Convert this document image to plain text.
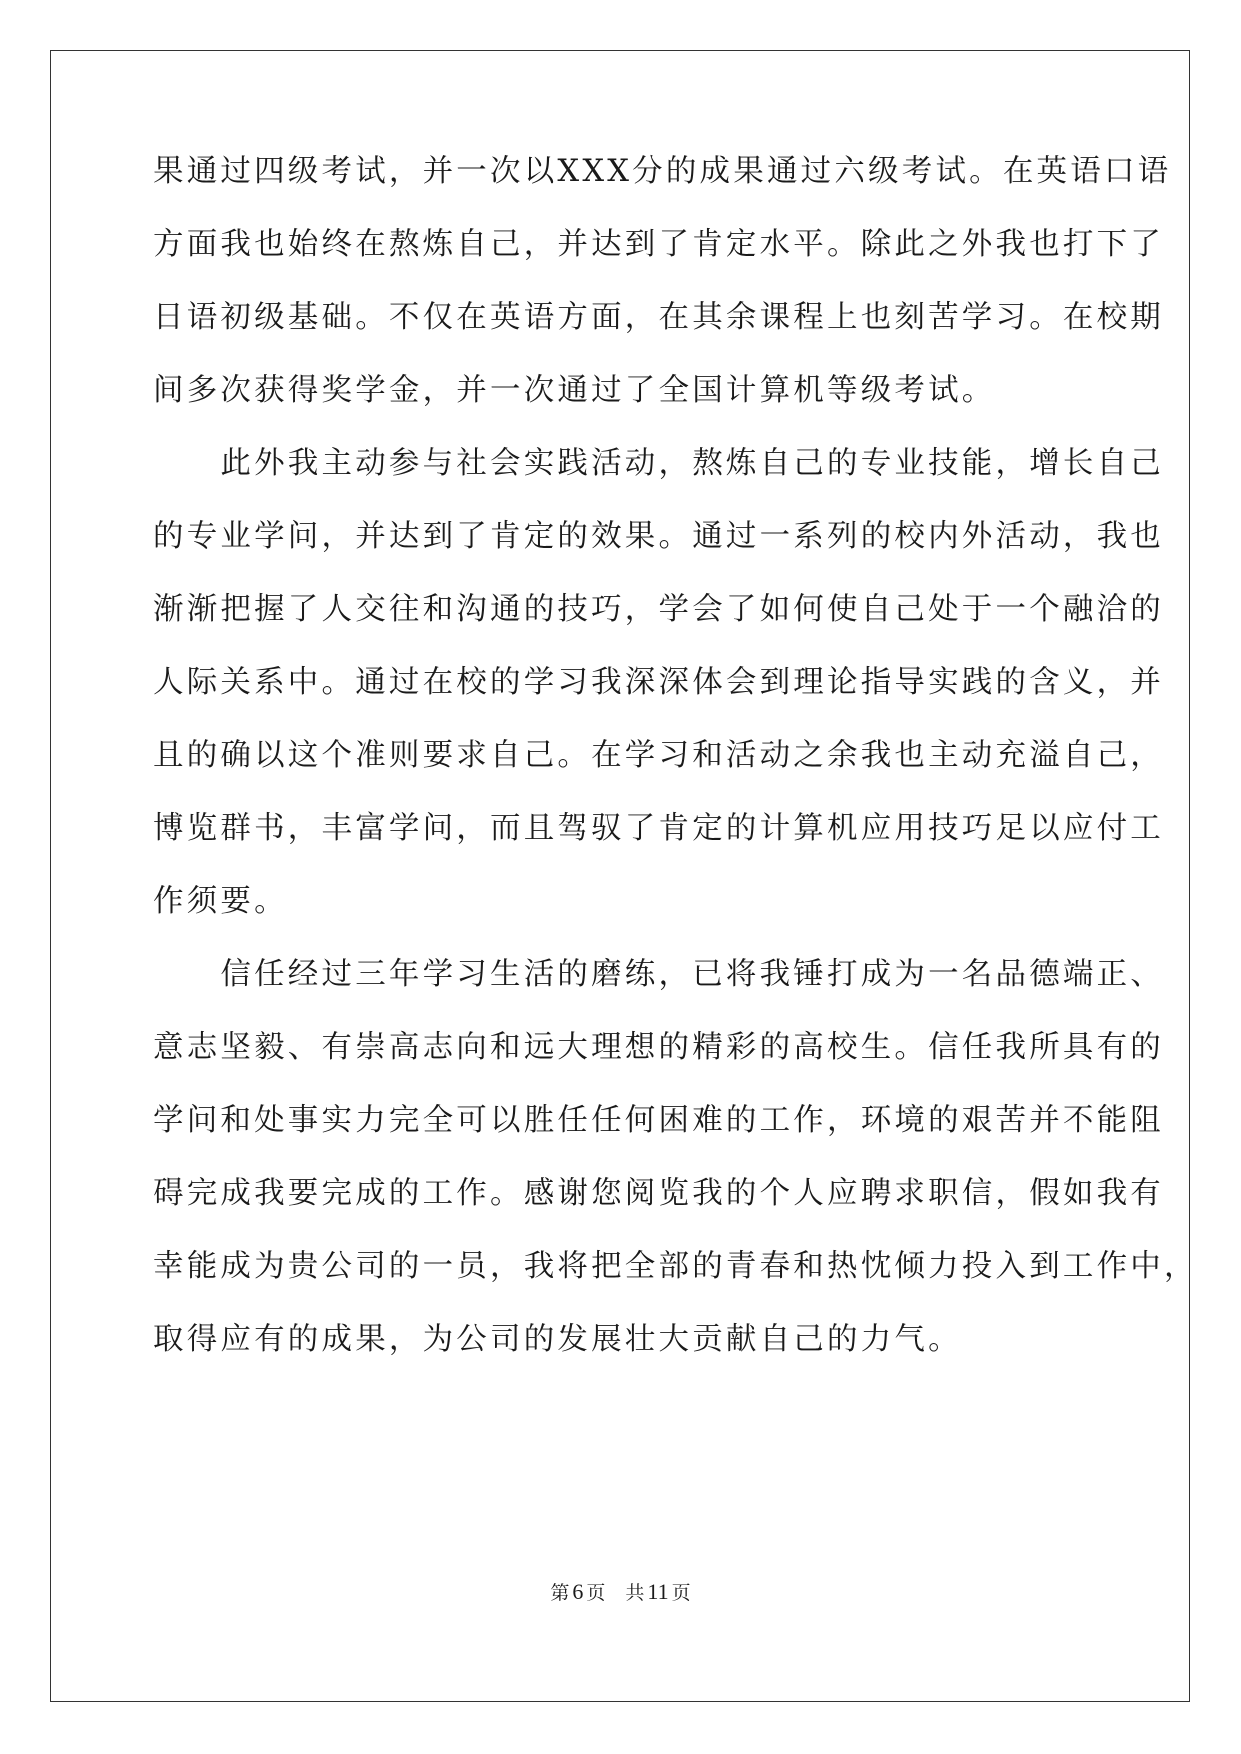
果通过四级考试，并一次以XXX分的成果通过六级考试。在英语口语
方面我也始终在熬炼自己，并达到了肯定水平。除此之外我也打下了
日语初级基础。不仅在英语方面，在其余课程上也刻苦学习。在校期
间多次获得奖学金，并一次通过了全国计算机等级考试。
　　此外我主动参与社会实践活动，熬炼自己的专业技能，增长自己
的专业学问，并达到了肯定的效果。通过一系列的校内外活动，我也
渐渐把握了人交往和沟通的技巧，学会了如何使自己处于一个融洽的
人际关系中。通过在校的学习我深深体会到理论指导实践的含义，并
且的确以这个准则要求自己。在学习和活动之余我也主动充溢自己，
博览群书，丰富学问，而且驾驭了肯定的计算机应用技巧足以应付工
作须要。
　　信任经过三年学习生活的磨练，已将我锤打成为一名品德端正、
意志坚毅、有崇高志向和远大理想的精彩的高校生。信任我所具有的
学问和处事实力完全可以胜任任何困难的工作，环境的艰苦并不能阻
碍完成我要完成的工作。感谢您阅览我的个人应聘求职信，假如我有
幸能成为贵公司的一员，我将把全部的青春和热忱倾力投入到工作中，
取得应有的成果，为公司的发展壮大贡献自己的力气。
第 6 页 共 11 页
